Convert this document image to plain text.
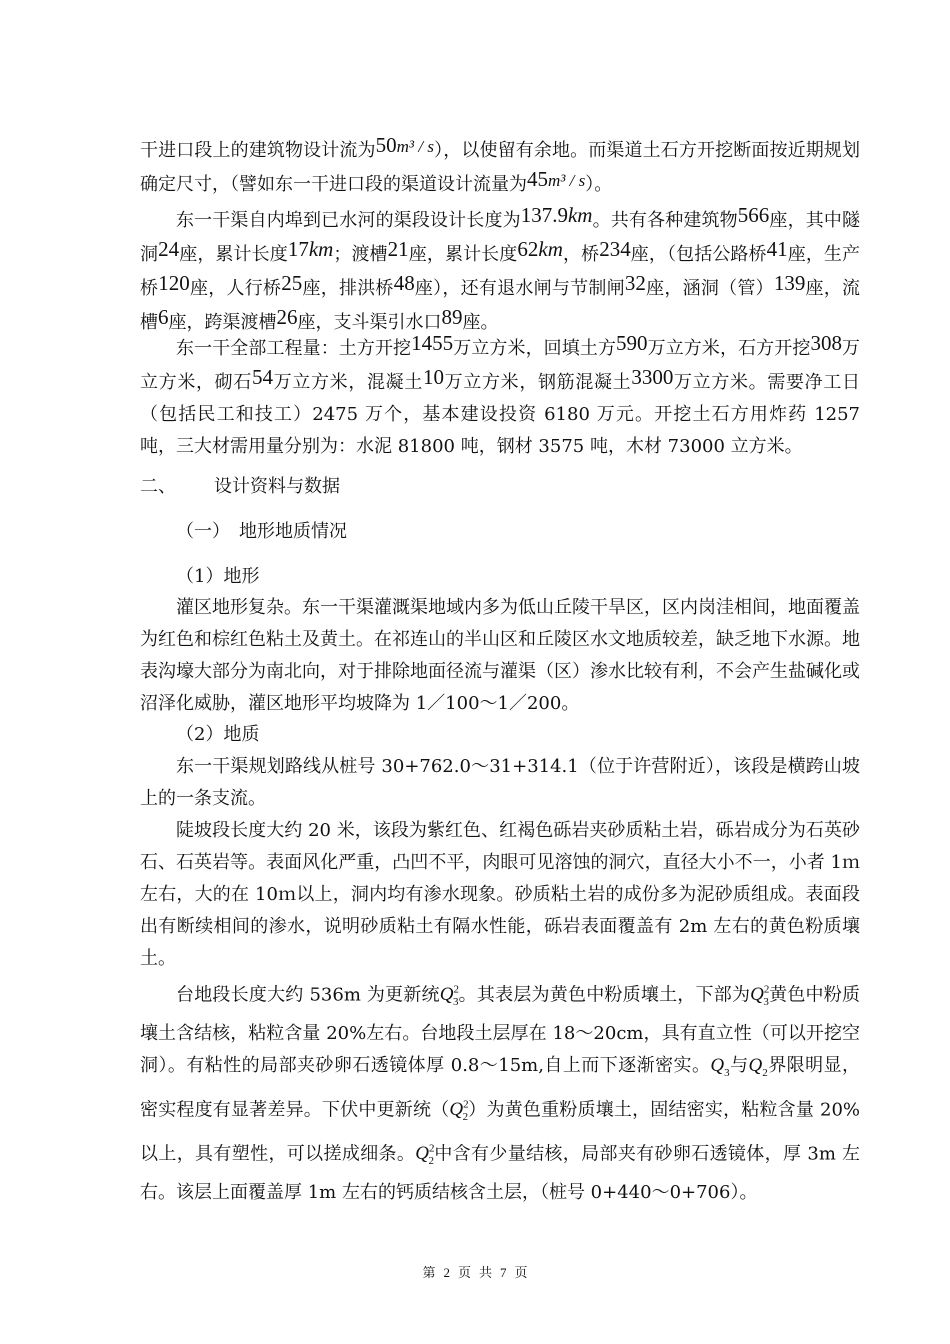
干进口段上的建筑物设计流为50m³ / s），以使留有余地。而渠道土石方开挖断面按近期规划确定尺寸，（譬如东一干进口段的渠道设计流量为45m³ / s）。

东一干渠自内埠到已水河的渠段设计长度为137.9km。共有各种建筑物566座，其中隧洞24座，累计长度17km；渡槽21座，累计长度62km，桥234座，（包括公路桥41座，生产桥120座，人行桥25座，排洪桥48座），还有退水闸与节制闸32座，涵洞（管）139座，流槽6座，跨渠渡槽26座，支斗渠引水口89座。

东一干全部工程量：土方开挖1455万立方米，回填土方590万立方米，石方开挖308万立方米，砌石54万立方米，混凝土10万立方米，钢筋混凝土3300万立方米。需要净工日（包括民工和技工）2475 万个，基本建设投资 6180 万元。开挖土石方用炸药 1257 吨，三大材需用量分别为：水泥 81800 吨，钢材 3575 吨，木材 73000 立方米。

二、 设计资料与数据

（一）　地形地质情况

（1）地形

灌区地形复杂。东一干渠灌溉渠地域内多为低山丘陵干旱区，区内岗洼相间，地面覆盖为红色和棕红色粘土及黄土。在祁连山的半山区和丘陵区水文地质较差，缺乏地下水源。地表沟壕大部分为南北向，对于排除地面径流与灌渠（区）渗水比较有利，不会产生盐碱化或沼泽化威胁，灌区地形平均坡降为 1／100～1／200。

（2）地质

东一干渠规划路线从桩号 30+762.0～31+314.1（位于许营附近），该段是横跨山坡上的一条支流。

陡坡段长度大约 20 米，该段为紫红色、红褐色砾岩夹砂质粘土岩，砾岩成分为石英砂石、石英岩等。表面风化严重，凸凹不平，肉眼可见溶蚀的洞穴，直径大小不一，小者 1ｍ左右，大的在 10ｍ以上，洞内均有渗水现象。砂质粘土岩的成份多为泥砂质组成。表面段出有断续相间的渗水，说明砂质粘土有隔水性能，砾岩表面覆盖有 2m 左右的黄色粉质壤土。

台地段长度大约 536m 为更新统$Q^2_3$。其表层为黄色中粉质壤土，下部为$Q^2_3$黄色中粉质壤土含结核，粘粒含量 20%左右。台地段土层厚在 18～20cm，具有直立性（可以开挖空洞）。有粘性的局部夹砂卵石透镜体厚 0.8～15m,自上而下逐渐密实。$Q_3$与$Q_2$界限明显，密实程度有显著差异。下伏中更新统$(Q^2_2)$为黄色重粉质壤土，固结密实，粘粒含量 20%以上，具有塑性，可以搓成细条。$Q^2_2$中含有少量结核，局部夹有砂卵石透镜体，厚 3m 左右。该层上面覆盖厚 1m 左右的钙质结核含土层，（桩号 0+440～0+706）。

第 2 页 共 7 页
